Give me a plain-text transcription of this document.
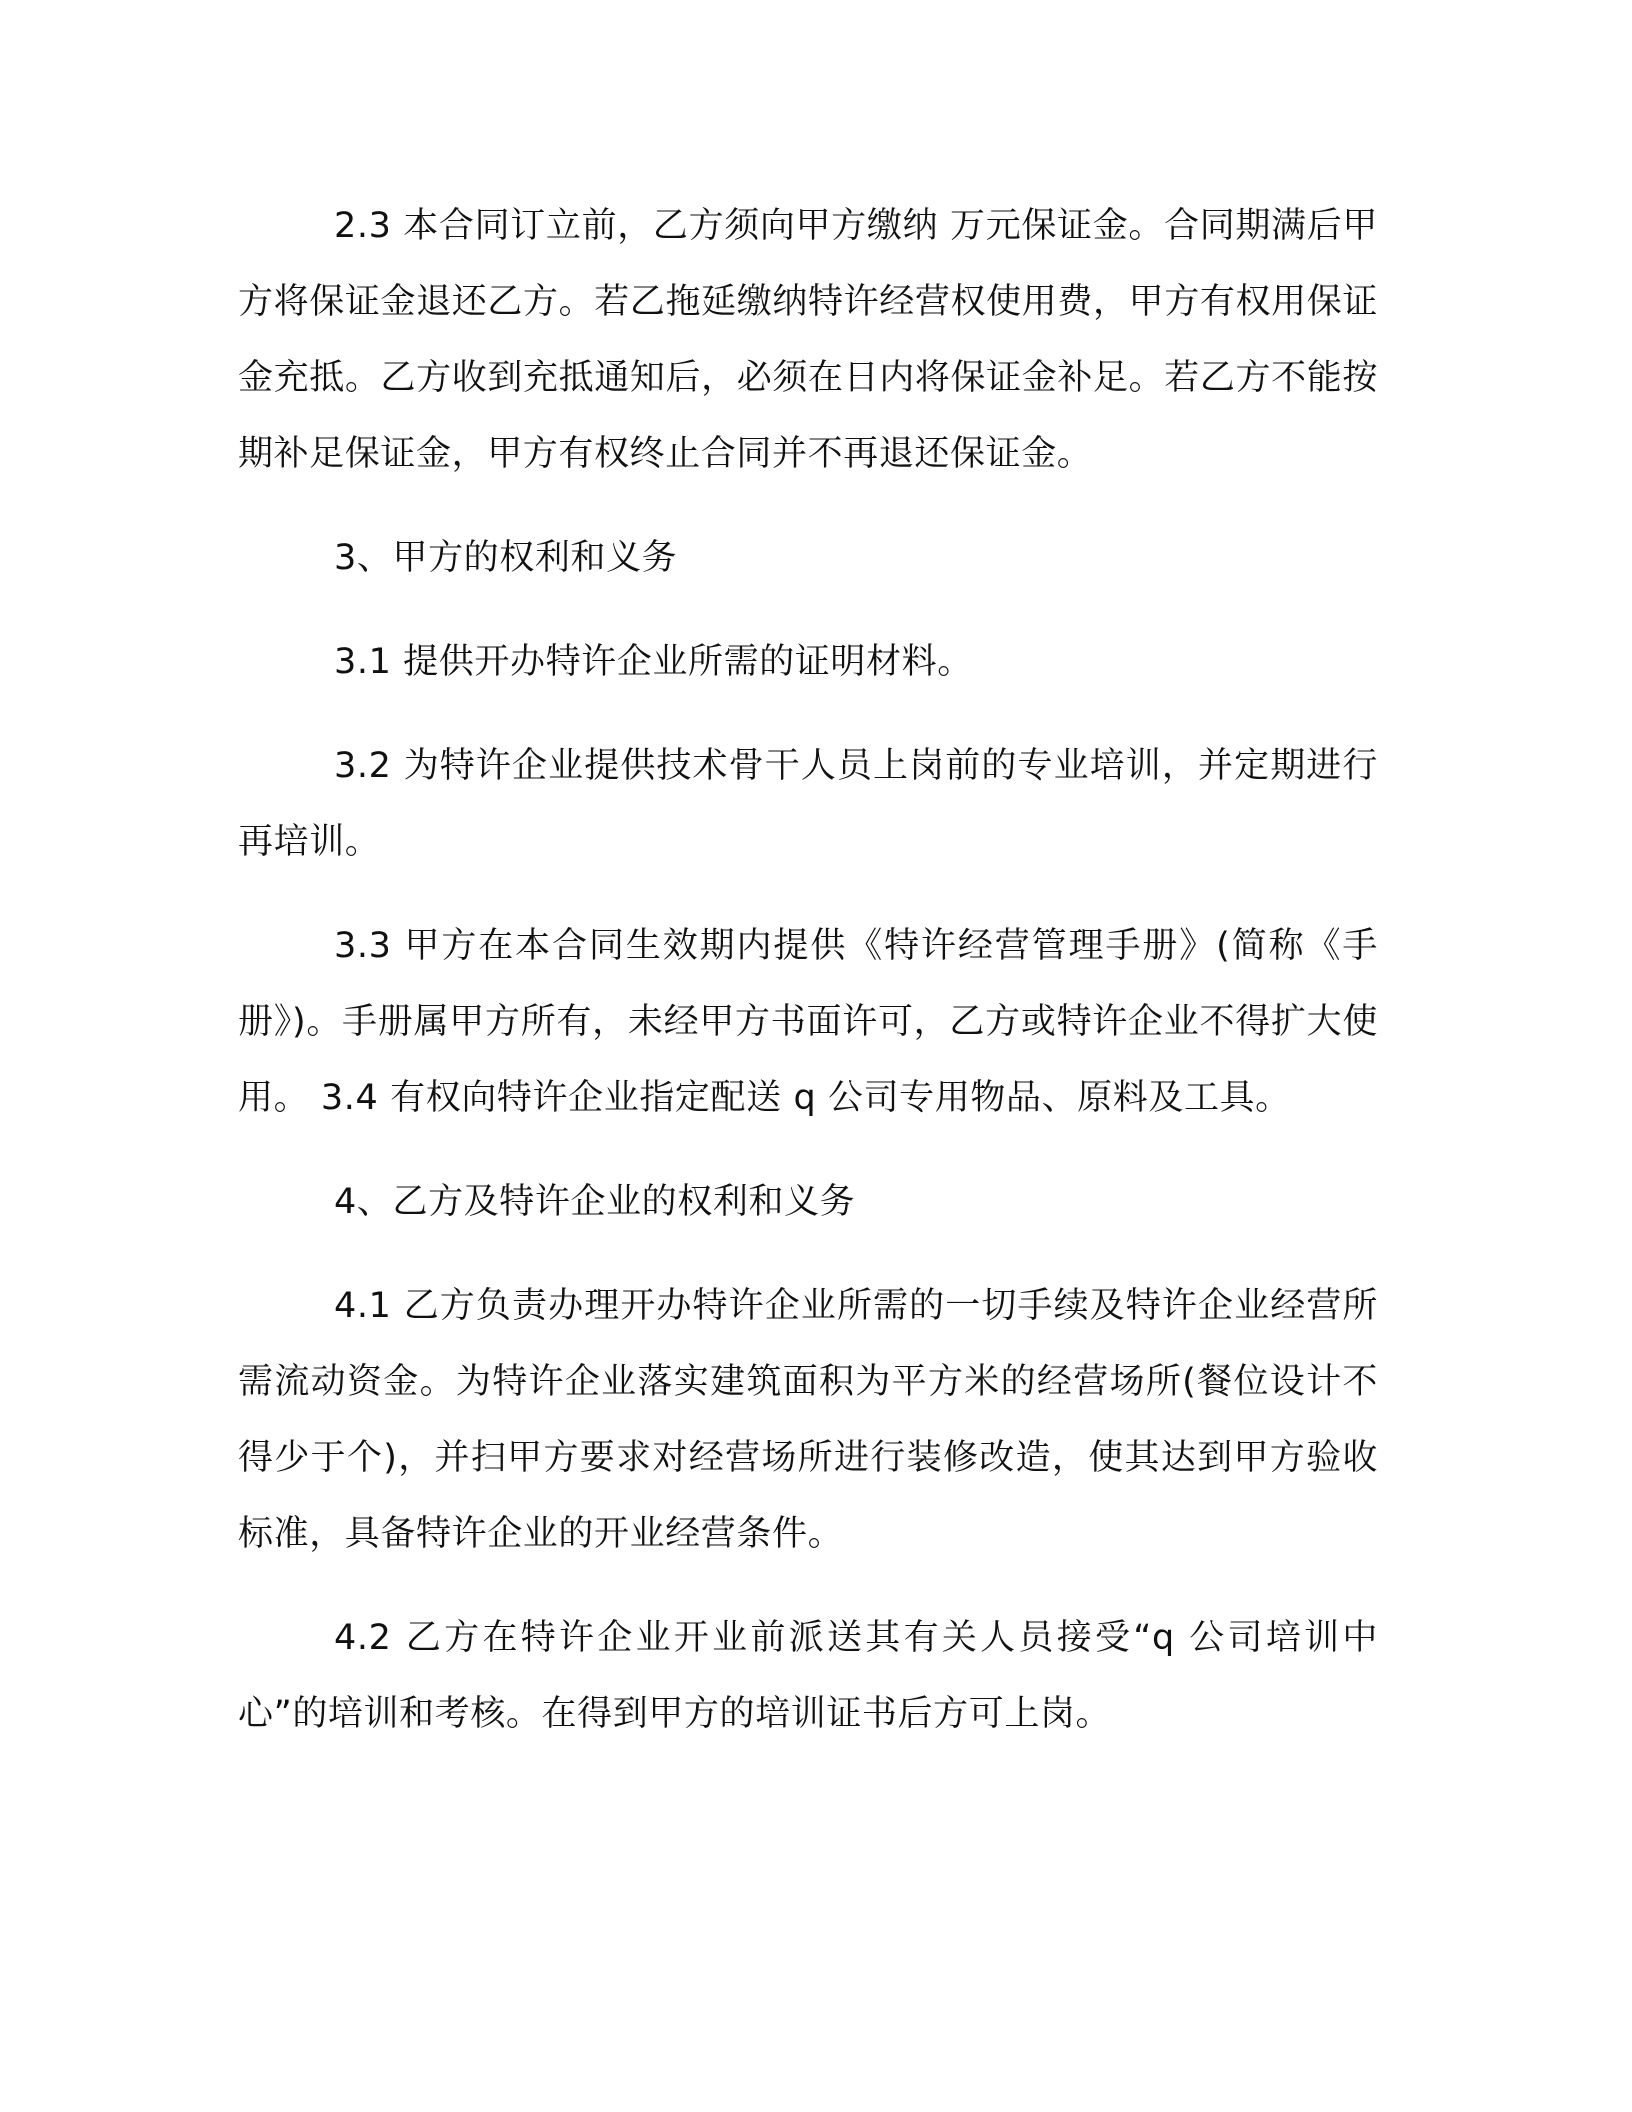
2.3 本合同订立前，乙方须向甲方缴纳 万元保证金。合同期满后甲方将保证金退还乙方。若乙拖延缴纳特许经营权使用费，甲方有权用保证金充抵。乙方收到充抵通知后，必须在日内将保证金补足。若乙方不能按期补足保证金，甲方有权终止合同并不再退还保证金。

3、甲方的权利和义务

3.1 提供开办特许企业所需的证明材料。

3.2 为特许企业提供技术骨干人员上岗前的专业培训，并定期进行再培训。

3.3 甲方在本合同生效期内提供《特许经营管理手册》(简称《手册》)。手册属甲方所有，未经甲方书面许可，乙方或特许企业不得扩大使用。 3.4 有权向特许企业指定配送 q 公司专用物品、原料及工具。

4、乙方及特许企业的权利和义务

4.1 乙方负责办理开办特许企业所需的一切手续及特许企业经营所需流动资金。为特许企业落实建筑面积为平方米的经营场所(餐位设计不得少于个)，并扫甲方要求对经营场所进行装修改造，使其达到甲方验收标准，具备特许企业的开业经营条件。

4.2 乙方在特许企业开业前派送其有关人员接受“q 公司培训中心”的培训和考核。在得到甲方的培训证书后方可上岗。
